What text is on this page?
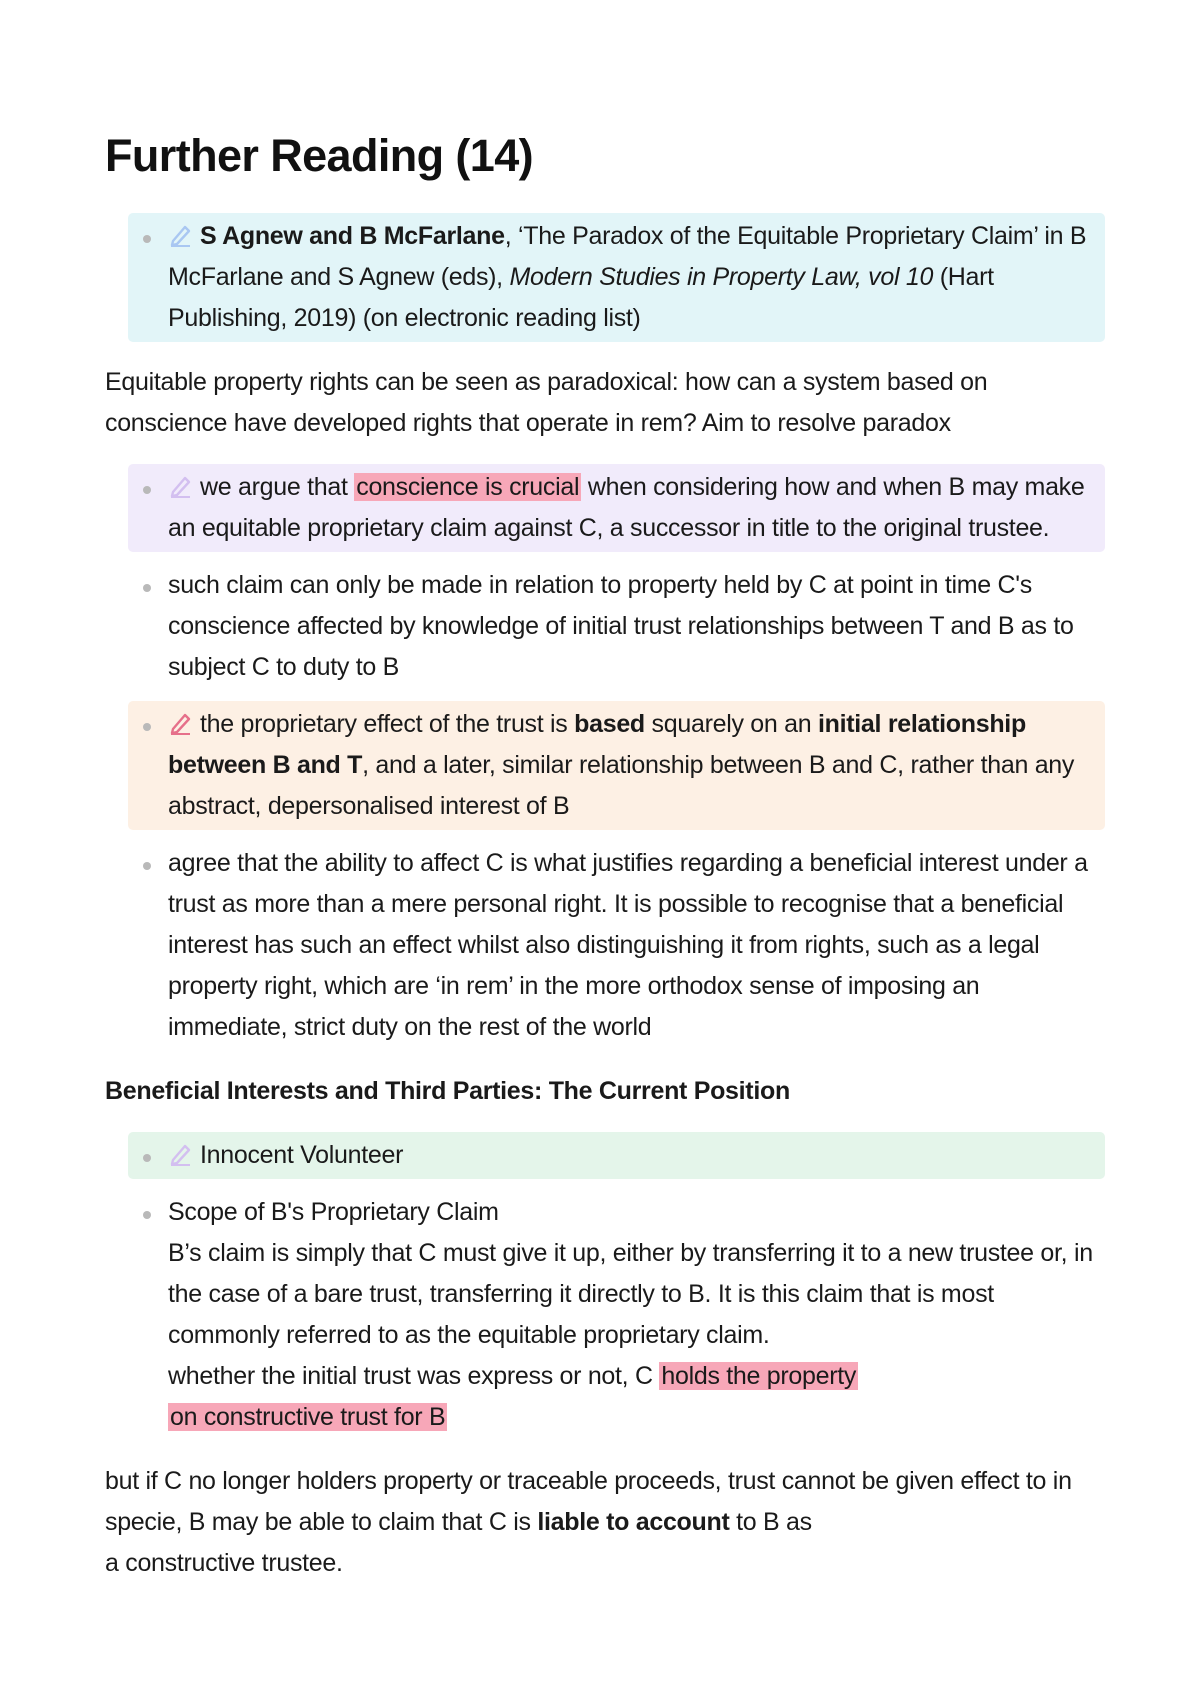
Further Reading (14)
S Agnew and B McFarlane, ‘The Paradox of the Equitable Proprietary Claim’ in B McFarlane and S Agnew (eds), Modern Studies in Property Law, vol 10 (Hart Publishing, 2019) (on electronic reading list)

Equitable property rights can be seen as paradoxical: how can a system based on conscience have developed rights that operate in rem? Aim to resolve paradox

we argue that conscience is crucial when considering how and when B may make an equitable proprietary claim against C, a successor in title to the original trustee.
such claim can only be made in relation to property held by C at point in time C's conscience affected by knowledge of initial trust relationships between T and B as to subject C to duty to B
the proprietary effect of the trust is based squarely on an initial relationship between B and T, and a later, similar relationship between B and C, rather than any abstract, depersonalised interest of B
agree that the ability to affect C is what justifies regarding a beneficial interest under a trust as more than a mere personal right. It is possible to recognise that a beneficial interest has such an effect whilst also distinguishing it from rights, such as a legal property right, which are ‘in rem’ in the more orthodox sense of imposing an immediate, strict duty on the rest of the world
Beneficial Interests and Third Parties: The Current Position
Innocent Volunteer
Scope of B's Proprietary Claim
B’s claim is simply that C must give it up, either by transferring it to a new trustee or, in the case of a bare trust, transferring it directly to B. It is this claim that is most commonly referred to as the equitable proprietary claim.
whether the initial trust was express or not, C holds the property
on constructive trust for B

but if C no longer holders property or traceable proceeds, trust cannot be given effect to in specie, B may be able to claim that C is liable to account to B as
a constructive trustee.
